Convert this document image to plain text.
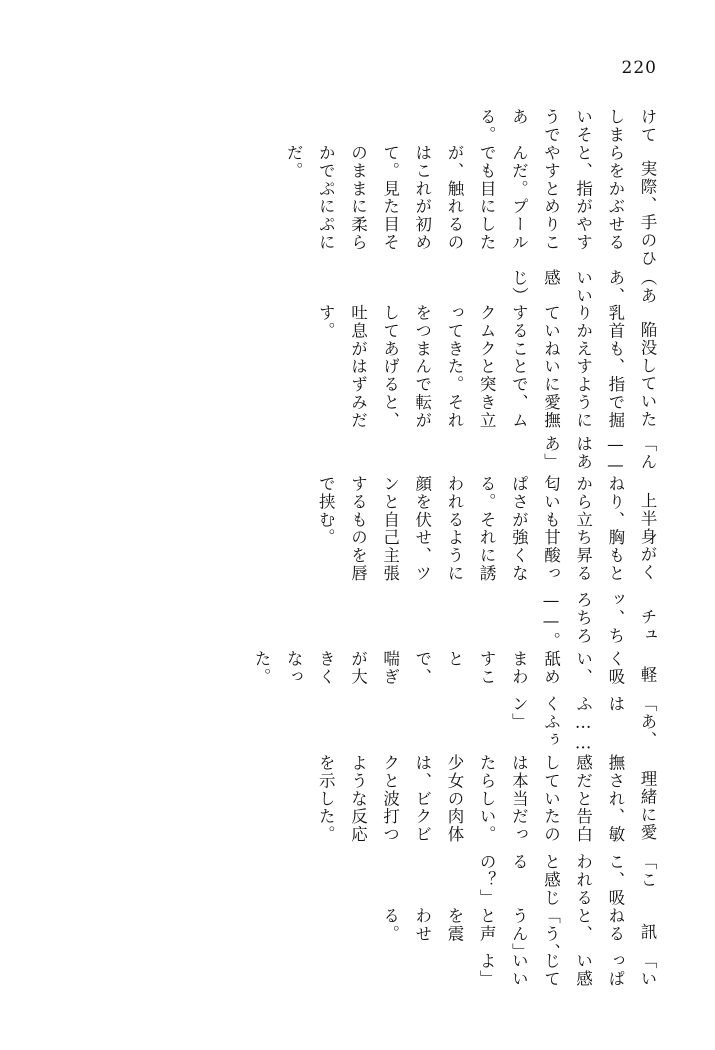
220

けてしまいそうである。

実際、手のひらをかぶせると、指がやすやすとめりこんだ。プールでも目にしたが、触れるのはこれが初めて。見た目そのままに柔らかでぷにぷにだ。

（ああ、いい感じ）

陥没していた乳首も、指で掘りかえすようにていねいに愛撫することで、ムクムクと突き立ってきた。それをつまんで転がしてあげると、吐息がはずみだす。

「ん——はああ」

上半身がくねり、胸もとから立ち昇る匂いも甘酸っぱさが強くなる。それに誘われるように顔を伏せ、ツンと自己主張するものを唇で挟む。

チュッ、ちろちろ——。

軽く吸い、舐めまわすことで、喘ぎが大きくなった。

「あ、はふ……くふぅン」

理緒に愛撫され、敏感だと告白していたのは本当だったらしい。少女の肉体は、ビクビクと波打つような反応を示した。

「ここ、吸われると感じるの？」

訊ねると、「う、うん」と声を震わせる。

「いっぱい感じていいよ」
